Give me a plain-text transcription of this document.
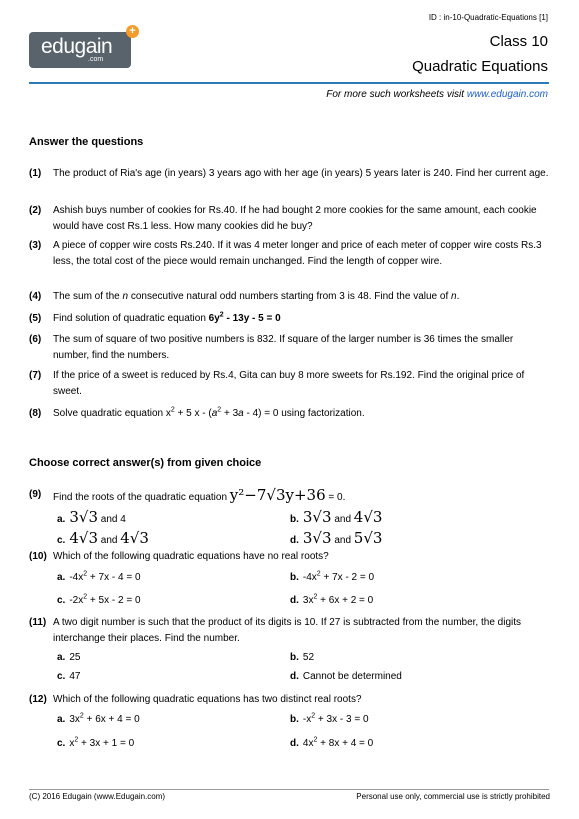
ID : in-10-Quadratic-Equations [1]
edugain
.com
+
Class 10
Quadratic Equations
For more such worksheets visit www.edugain.com
Answer the questions
(1) The product of Ria's age (in years) 3 years ago with her age (in years) 5 years later is 240. Find her current age.
(2) Ashish buys number of cookies for Rs.40. If he had bought 2 more cookies for the same amount, each cookie would have cost Rs.1 less. How many cookies did he buy?
(3) A piece of copper wire costs Rs.240. If it was 4 meter longer and price of each meter of copper wire costs Rs.3 less, the total cost of the piece would remain unchanged. Find the length of copper wire.
(4) The sum of the n consecutive natural odd numbers starting from 3 is 48. Find the value of n.
(5) Find solution of quadratic equation $6y^2 - 13y - 5 = 0$
(6) The sum of square of two positive numbers is 832. If square of the larger number is 36 times the smaller number, find the numbers.
(7) If the price of a sweet is reduced by Rs.4, Gita can buy 8 more sweets for Rs.192. Find the original price of sweet.
(8) Solve quadratic equation $x^2 + 5$ $x - (a^2 + 3a - 4) = 0$ using factorization.
Choose correct answer(s) from given choice
(9) Find the roots of the quadratic equation y²−7√3y+36 = 0.
a. 3√3 and 4	b. 3√3 and 4√3
c. 4√3 and 4√3	d. 3√3 and 5√3
(10) Which of the following quadratic equations have no real roots?
a. $-4x^2 + 7x - 4 = 0$	b. $-4x^2 + 7x - 2 = 0$
c. $-2x^2 + 5x - 2 = 0$	d. $3x^2 + 6x + 2 = 0$
(11) A two digit number is such that the product of its digits is 10. If 27 is subtracted from the number, the digits interchange their places. Find the number.
a. 25	b. 52
c. 47	d. Cannot be determined
(12) Which of the following quadratic equations has two distinct real roots?
a. $3x^2 + 6x + 4 = 0$	b. $-x^2 + 3x - 3 = 0$
c. $x^2 + 3x + 1 = 0$	d. $4x^2 + 8x + 4 = 0$
(C) 2016 Edugain (www.Edugain.com)	Personal use only, commercial use is strictly prohibited
